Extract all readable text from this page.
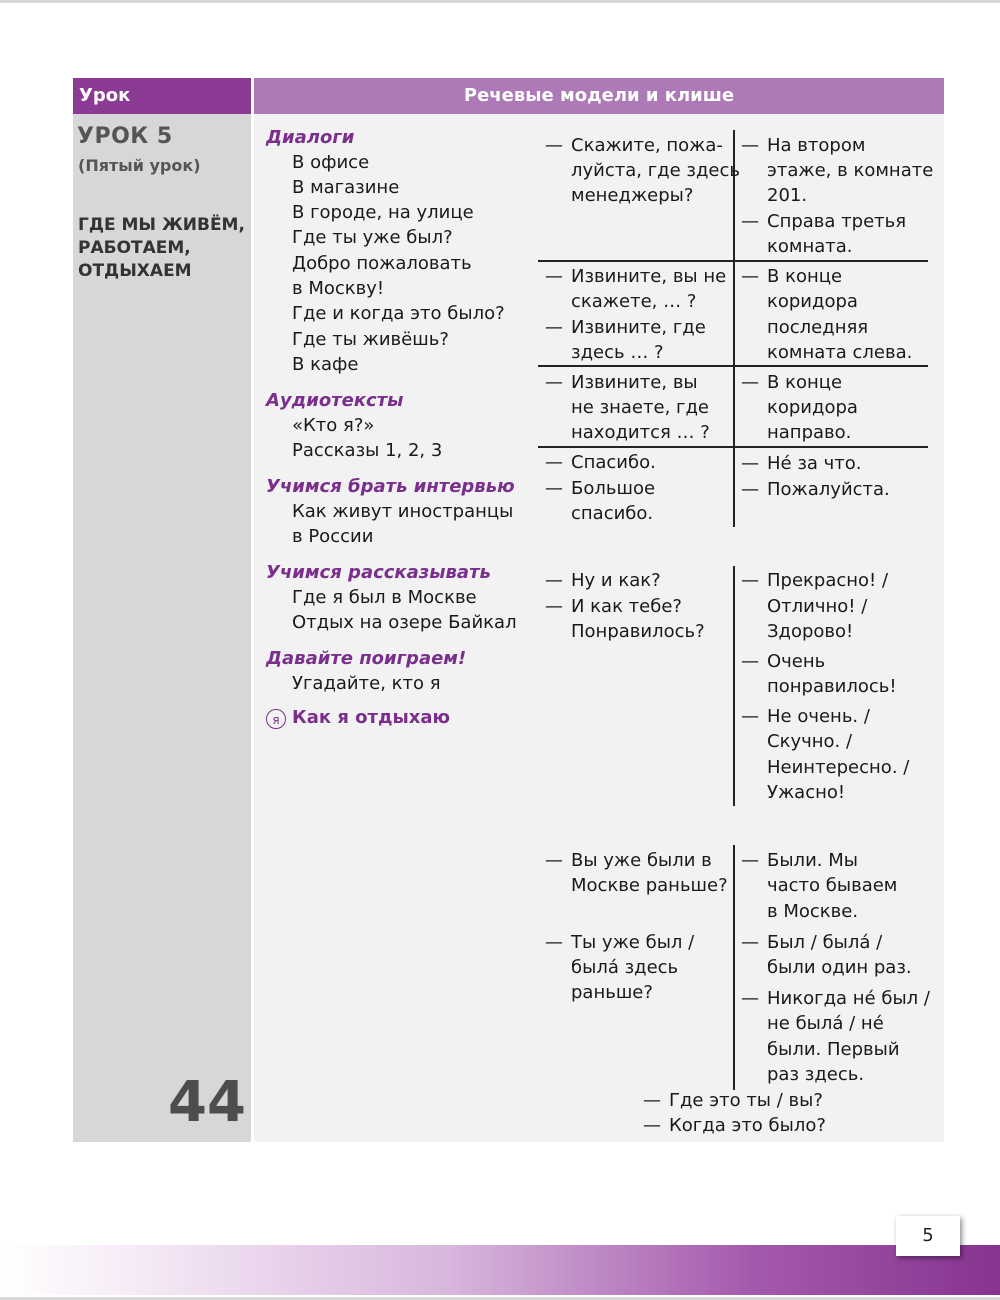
Урок	Речевые модели и клише
УРОК 5
(Пятый урок)
ГДЕ МЫ ЖИВЁМ,
РАБОТАЕМ,
ОТДЫХАЕМ
44
Диалоги
В офисе
В магазине
В городе, на улице
Где ты уже был?
Добро пожаловать
в Москву!
Где и когда это было?
Где ты живёшь?
В кафе
Аудиотексты
«Кто я?»
Рассказы 1, 2, 3
Учимся брать интервью
Как живут иностранцы
в России
Учимся рассказывать
Где я был в Москве
Отдых на озере Байкал
Давайте поиграем!
Угадайте, кто я
я Как я отдыхаю
— Скажите, пожа-
луйста, где здесь
менеджеры?
— Извините, вы не
скажете, … ?
— Извините, где
здесь … ?
— Извините, вы
не знаете, где
находится … ?
— Спасибо.
— Большое
спасибо.
— Ну и как?
— И как тебе?
Понравилось?
— Вы уже были в
Москве раньше?
— Ты уже был /
была́ здесь
раньше?
— На втором
этаже, в комнате
201.
— Справа третья
комната.
— В конце
коридора
последняя
комната слева.
— В конце
коридора
направо.
— Не́ за что.
— Пожалуйста.
— Прекрасно! /
Отлично! /
Здорово!
— Очень
понравилось!
— Не очень. /
Скучно. /
Неинтересно. /
Ужасно!
— Были. Мы
часто бываем
в Москве.
— Был / была́ /
были один раз.
— Никогда не́ был /
не была́ / не́
были. Первый
раз здесь.
— Где это ты / вы?
— Когда это было?
5
